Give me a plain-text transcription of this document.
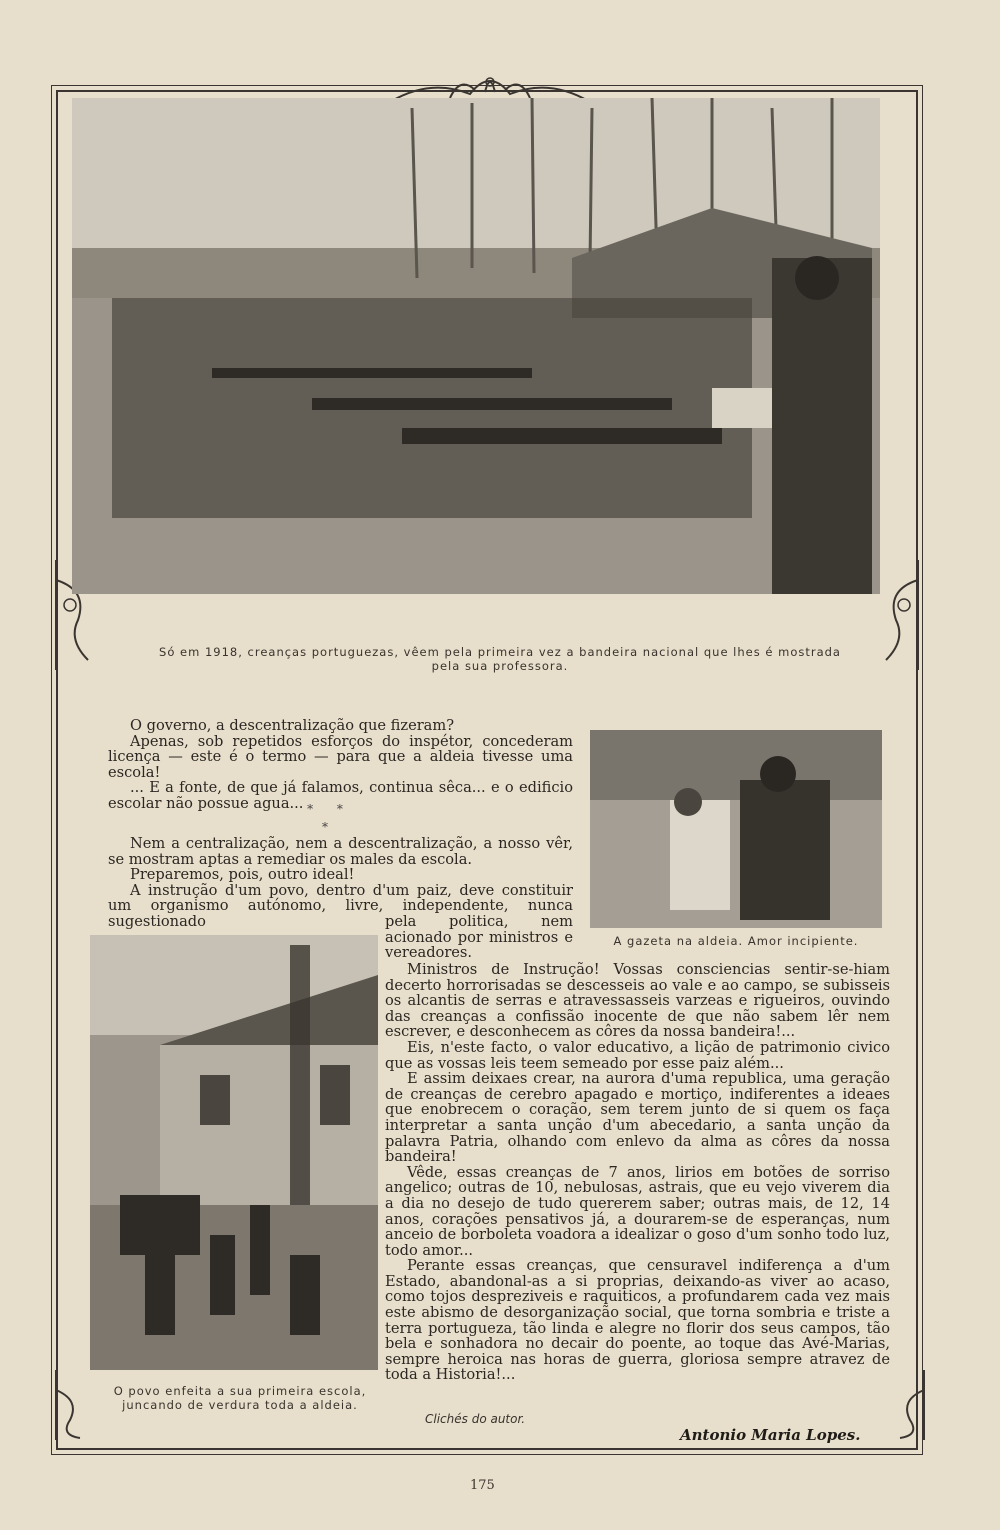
Só em 1918, creanças portuguezas, vêem pela primeira vez a bandeira nacional que lhes é mostrada pela sua professora.
A gazeta na aldeia. Amor incipiente.
O povo enfeita a sua primeira escola, juncando de verdura toda a aldeia.

O governo, a descentralização que fizeram?

Apenas, sob repetidos esforços do inspétor, concederam licença — este é o termo — para que a aldeia tivesse uma escola!

... E a fonte, de que já falamos, continua sêca... e o edificio escolar não possue agua... * * *

Nem a centralização, nem a descentralização, a nosso vêr, se mostram aptas a remediar os males da escola.

Preparemos, pois, outro ideal!

A instrução d'um povo, dentro d'um paiz, deve constituir um organismo autónomo, livre, independente, nunca sugestionado	pela politica, nem acionado por ministros e vereadores.

Ministros de Instrução! Vossas consciencias sentir-se-hiam decerto horrorisadas se descesseis ao vale e ao campo, se subisseis os alcantis de serras e atravessasseis varzeas e rigueiros, ouvindo das creanças a confissão inocente de que não sabem lêr nem escrever, e desconhecem as côres da nossa bandeira!...

Eis, n'este facto, o valor educativo, a lição de patrimonio civico que as vossas leis teem semeado por esse paiz além...

E assim deixaes crear, na aurora d'uma republica, uma geração de creanças de cerebro apagado e mortiço, indiferentes a ideaes que enobrecem o coração, sem terem junto de si quem os faça interpretar a santa unção d'um abecedario, a santa unção da palavra Patria, olhando com enlevo da alma as côres da nossa bandeira!

Vêde, essas creanças de 7 anos, lirios em botões de sorriso angelico; outras de 10, nebulosas, astrais, que eu vejo viverem dia a dia no desejo de tudo quererem saber; outras mais, de 12, 14 anos, corações pensativos já, a dourarem-se de esperanças, num anceio de borboleta voadora a idealizar o goso d'um sonho todo luz, todo amor...

Perante essas creanças, que censuravel indiferença a d'um Estado, abandonal-as a si proprias, deixando-as viver ao acaso, como tojos despreziveis e raquiticos, a profundarem cada vez mais este abismo de desorganização social, que torna sombria e triste a terra portugueza, tão linda e alegre no florir dos seus campos, tão bela e sonhadora no decair do poente, ao toque das Avé-Marias, sempre heroica nas horas de guerra, gloriosa sempre atravez de toda a Historia!...

Clichés do autor.
Antonio Maria Lopes.
175
